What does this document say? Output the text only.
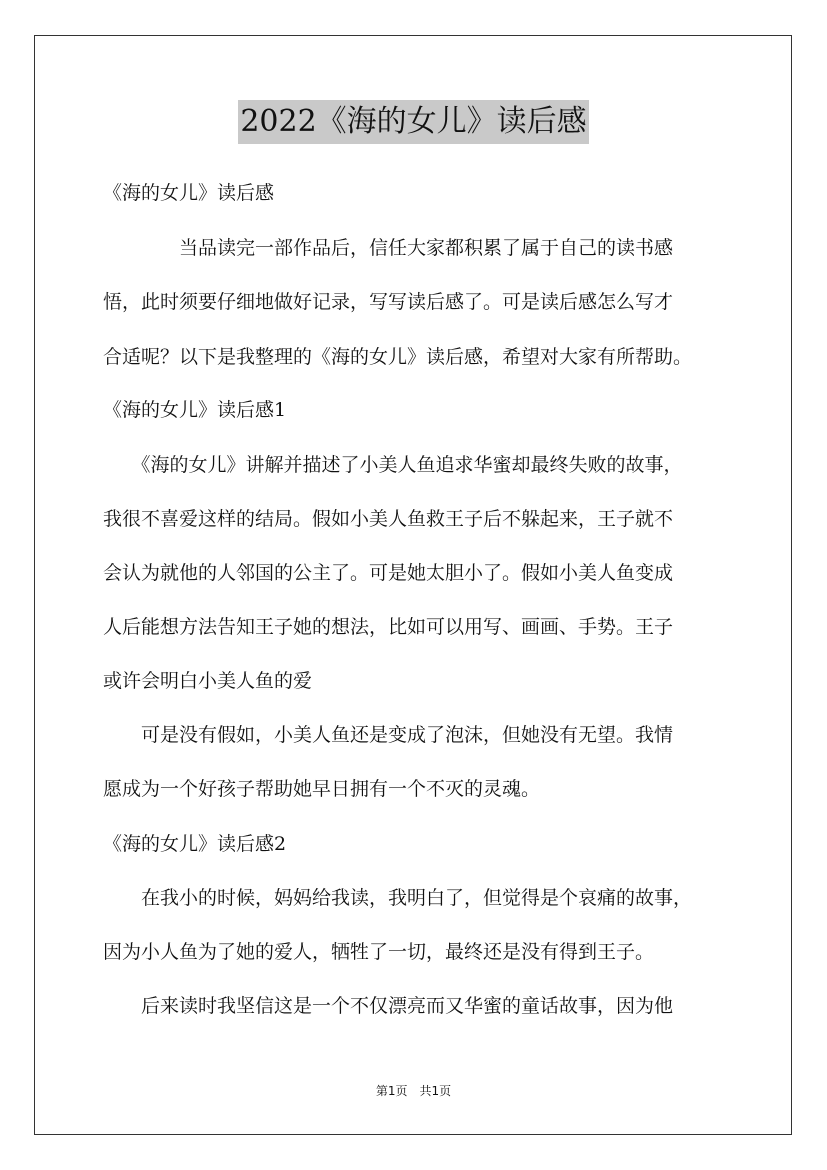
2022《海的女儿》读后感
《海的女儿》读后感
　　　　当品读完一部作品后，信任大家都积累了属于自己的读书感
悟，此时须要仔细地做好记录，写写读后感了。可是读后感怎么写才
合适呢？以下是我整理的《海的女儿》读后感，希望对大家有所帮助。
《海的女儿》读后感1
　　《海的女儿》讲解并描述了小美人鱼追求华蜜却最终失败的故事，
我很不喜爱这样的结局。假如小美人鱼救王子后不躲起来，王子就不
会认为就他的人邻国的公主了。可是她太胆小了。假如小美人鱼变成
人后能想方法告知王子她的想法，比如可以用写、画画、手势。王子
或许会明白小美人鱼的爱
　　可是没有假如，小美人鱼还是变成了泡沫，但她没有无望。我情
愿成为一个好孩子帮助她早日拥有一个不灭的灵魂。
《海的女儿》读后感2
　　在我小的时候，妈妈给我读，我明白了，但觉得是个哀痛的故事，
因为小人鱼为了她的爱人，牺牲了一切，最终还是没有得到王子。
　　后来读时我坚信这是一个不仅漂亮而又华蜜的童话故事，因为他
第1页　共1页
